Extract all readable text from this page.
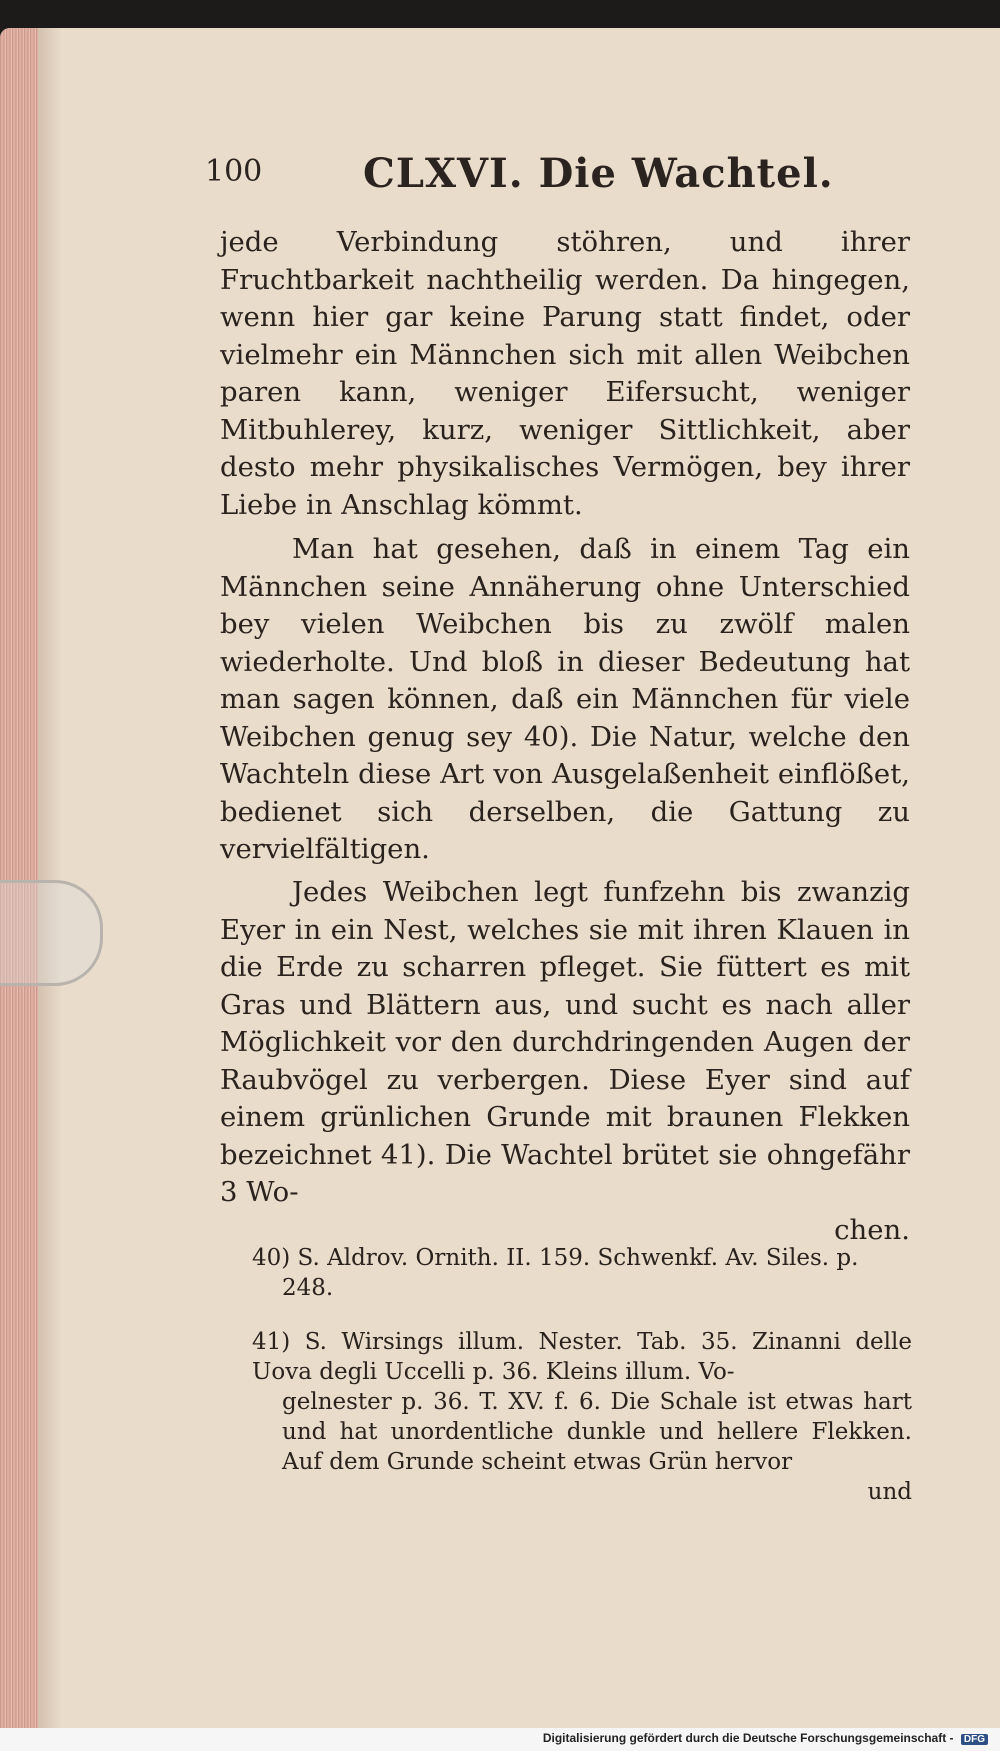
100	CLXVI. Die Wachtel.

jede Verbindung stöhren, und ihrer Fruchtbarkeit nachtheilig werden. Da hingegen, wenn hier gar keine Parung statt findet, oder vielmehr ein Männchen sich mit allen Weibchen paren kann, weniger Eifersucht, weniger Mitbuhlerey, kurz, weniger Sittlichkeit, aber desto mehr physikalisches Vermögen, bey ihrer Liebe in Anschlag kömmt.

Man hat gesehen, daß in einem Tag ein Männchen seine Annäherung ohne Unterschied bey vielen Weibchen bis zu zwölf malen wiederholte. Und bloß in dieser Bedeutung hat man sagen können, daß ein Männchen für viele Weibchen genug sey 40). Die Natur, welche den Wachteln diese Art von Ausgelaßenheit einflößet, bedienet sich derselben, die Gattung zu vervielfältigen.

Jedes Weibchen legt funfzehn bis zwanzig Eyer in ein Nest, welches sie mit ihren Klauen in die Erde zu scharren pfleget. Sie füttert es mit Gras und Blättern aus, und sucht es nach aller Möglichkeit vor den durchdringenden Augen der Raubvögel zu verbergen. Diese Eyer sind auf einem grünlichen Grunde mit braunen Flekken bezeichnet 41). Die Wachtel brütet sie ohngefähr 3 Wo-

chen.

40) S. Aldrov. Ornith. II. 159. Schwenkf. Av. Siles. p.
248.

41) S. Wirsings illum. Nester. Tab. 35. Zinanni delle Uova degli Uccelli p. 36. Kleins illum. Vo-
gelnester p. 36. T. XV. f. 6. Die Schale ist etwas hart und hat unordentliche dunkle und hellere Flekken. Auf dem Grunde scheint etwas Grün hervor
und

Digitalisierung gefördert durch die Deutsche Forschungsgemeinschaft - DFG
